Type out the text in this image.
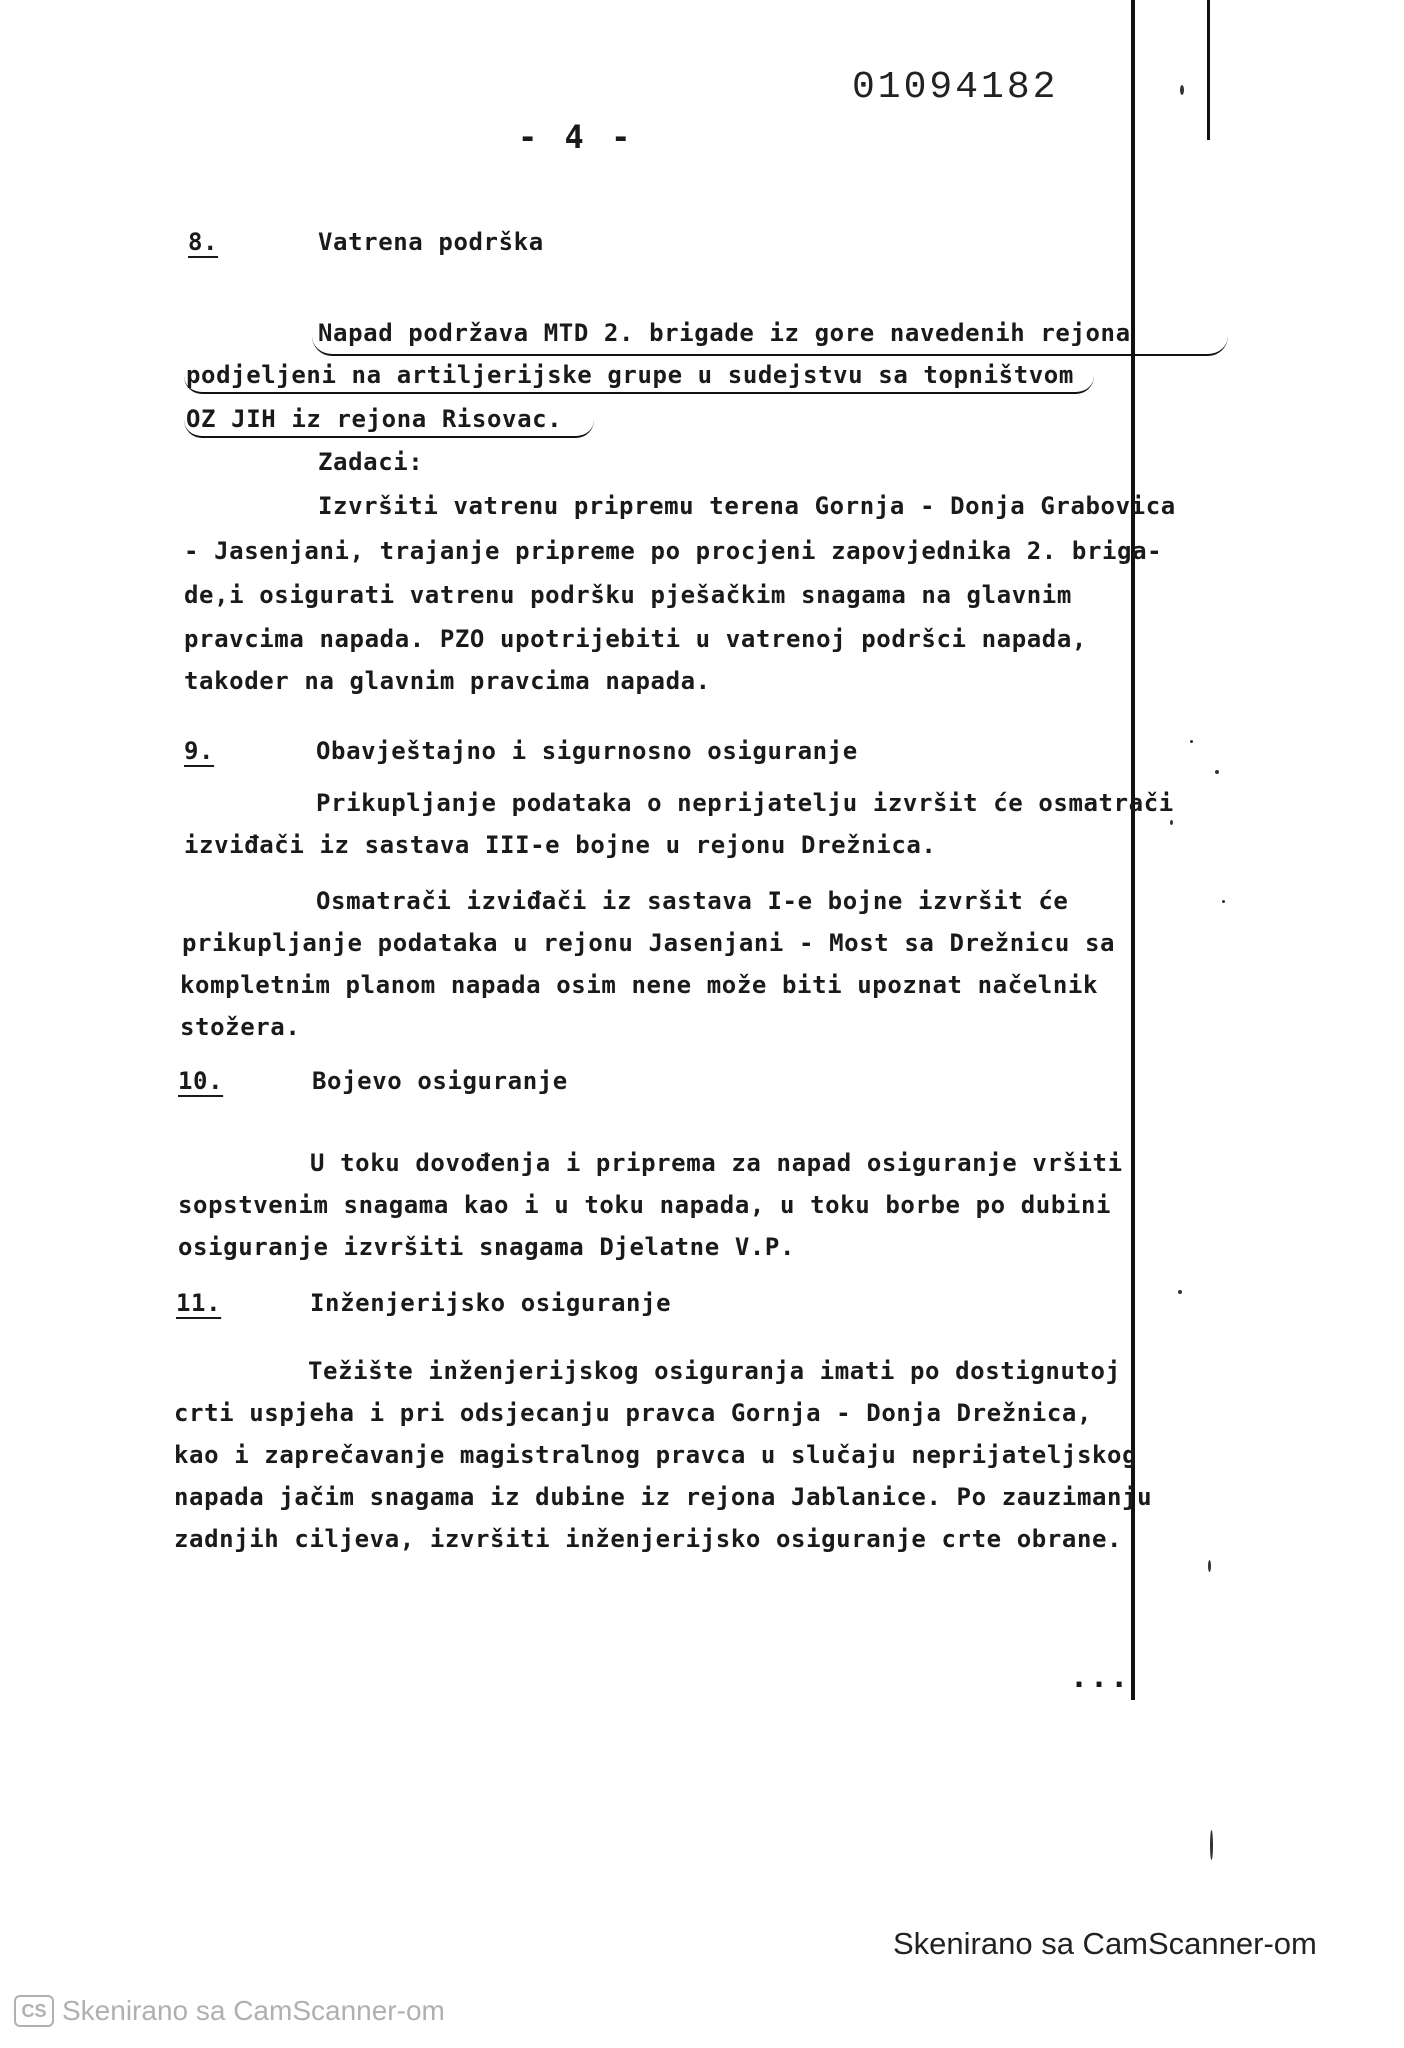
01094182
- 4 -
8.	Vatrena podrška
Napad podržava MTD 2. brigade iz gore navedenih rejona
podjeljeni na artiljerijske grupe u sudejstvu sa topništvom
OZ JIH iz rejona Risovac.
Zadaci:
Izvršiti vatrenu pripremu terena Gornja - Donja Grabovica
- Jasenjani, trajanje pripreme po procjeni zapovjednika 2. briga-
de,i osigurati vatrenu podršku pješačkim snagama na glavnim
pravcima napada. PZO upotrijebiti u vatrenoj podršci napada,
takoder na glavnim pravcima napada.
9.	Obavještajno i sigurnosno osiguranje
Prikupljanje podataka o neprijatelju izvršit će osmatrači
izviđači iz sastava III-e bojne u rejonu Drežnica.
Osmatrači izviđači iz sastava I-e bojne izvršit će
prikupljanje podataka u rejonu Jasenjani - Most sa Drežnicu sa
kompletnim planom napada osim nene može biti upoznat načelnik
stožera.
10.	Bojevo osiguranje
U toku dovođenja i priprema za napad osiguranje vršiti
sopstvenim snagama kao i u toku napada, u toku borbe po dubini
osiguranje izvršiti snagama Djelatne V.P.
11.	Inženjerijsko osiguranje
Težište inženjerijskog osiguranja imati po dostignutoj
crti uspjeha i pri odsjecanju pravca Gornja - Donja Drežnica,
kao i zaprečavanje magistralnog pravca u slučaju neprijateljskog
napada jačim snagama iz dubine iz rejona Jablanice. Po zauzimanju
zadnjih ciljeva, izvršiti inženjerijsko osiguranje crte obrane.
...
Skenirano sa CamScanner-om
CS Skenirano sa CamScanner-om
